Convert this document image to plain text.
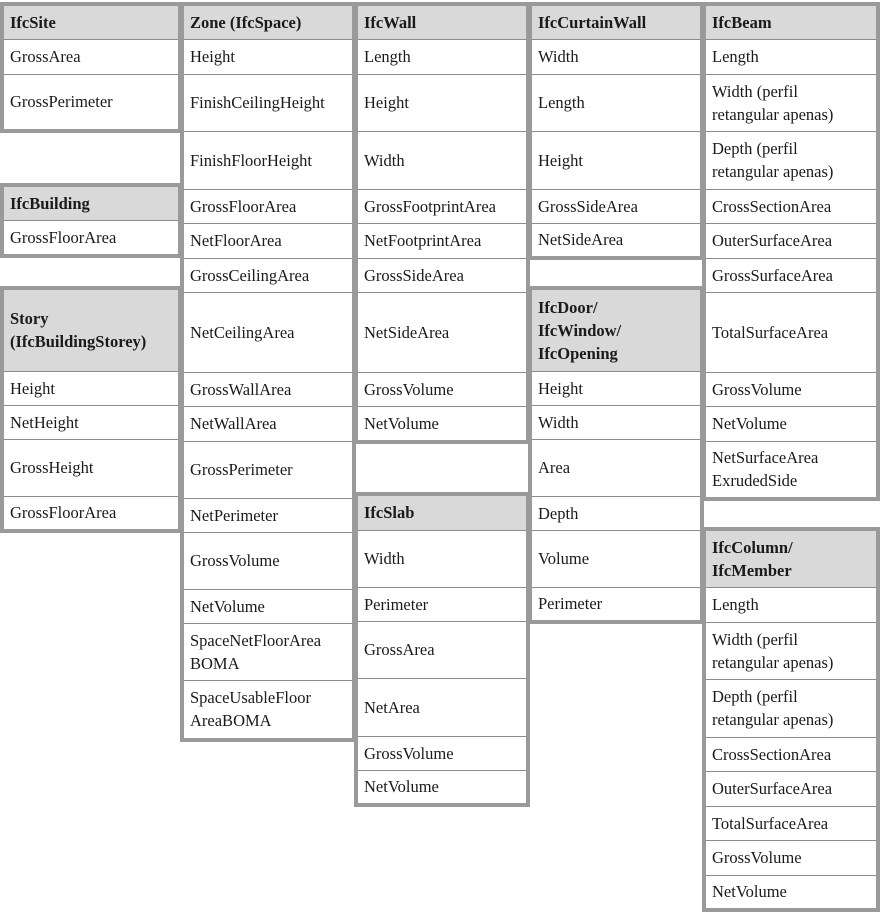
IfcSite
GrossArea
GrossPerimeter
IfcBuilding
GrossFloorArea
Story
(IfcBuildingStorey)
Height
NetHeight
GrossHeight
GrossFloorArea
Zone (IfcSpace)
Height
FinishCeilingHeight
FinishFloorHeight
GrossFloorArea
NetFloorArea
GrossCeilingArea
NetCeilingArea
GrossWallArea
NetWallArea
GrossPerimeter
NetPerimeter
GrossVolume
NetVolume
SpaceNetFloorArea
BOMA
SpaceUsableFloor
AreaBOMA
IfcWall
Length
Height
Width
GrossFootprintArea
NetFootprintArea
GrossSideArea
NetSideArea
GrossVolume
NetVolume
IfcSlab
Width
Perimeter
GrossArea
NetArea
GrossVolume
NetVolume
IfcCurtainWall
Width
Length
Height
GrossSideArea
NetSideArea
IfcDoor/
IfcWindow/
IfcOpening
Height
Width
Area
Depth
Volume
Perimeter
IfcBeam
Length
Width (perfil
retangular apenas)
Depth (perfil
retangular apenas)
CrossSectionArea
OuterSurfaceArea
GrossSurfaceArea
TotalSurfaceArea
GrossVolume
NetVolume
NetSurfaceArea
ExrudedSide
IfcColumn/
IfcMember
Length
Width (perfil
retangular apenas)
Depth (perfil
retangular apenas)
CrossSectionArea
OuterSurfaceArea
TotalSurfaceArea
GrossVolume
NetVolume
